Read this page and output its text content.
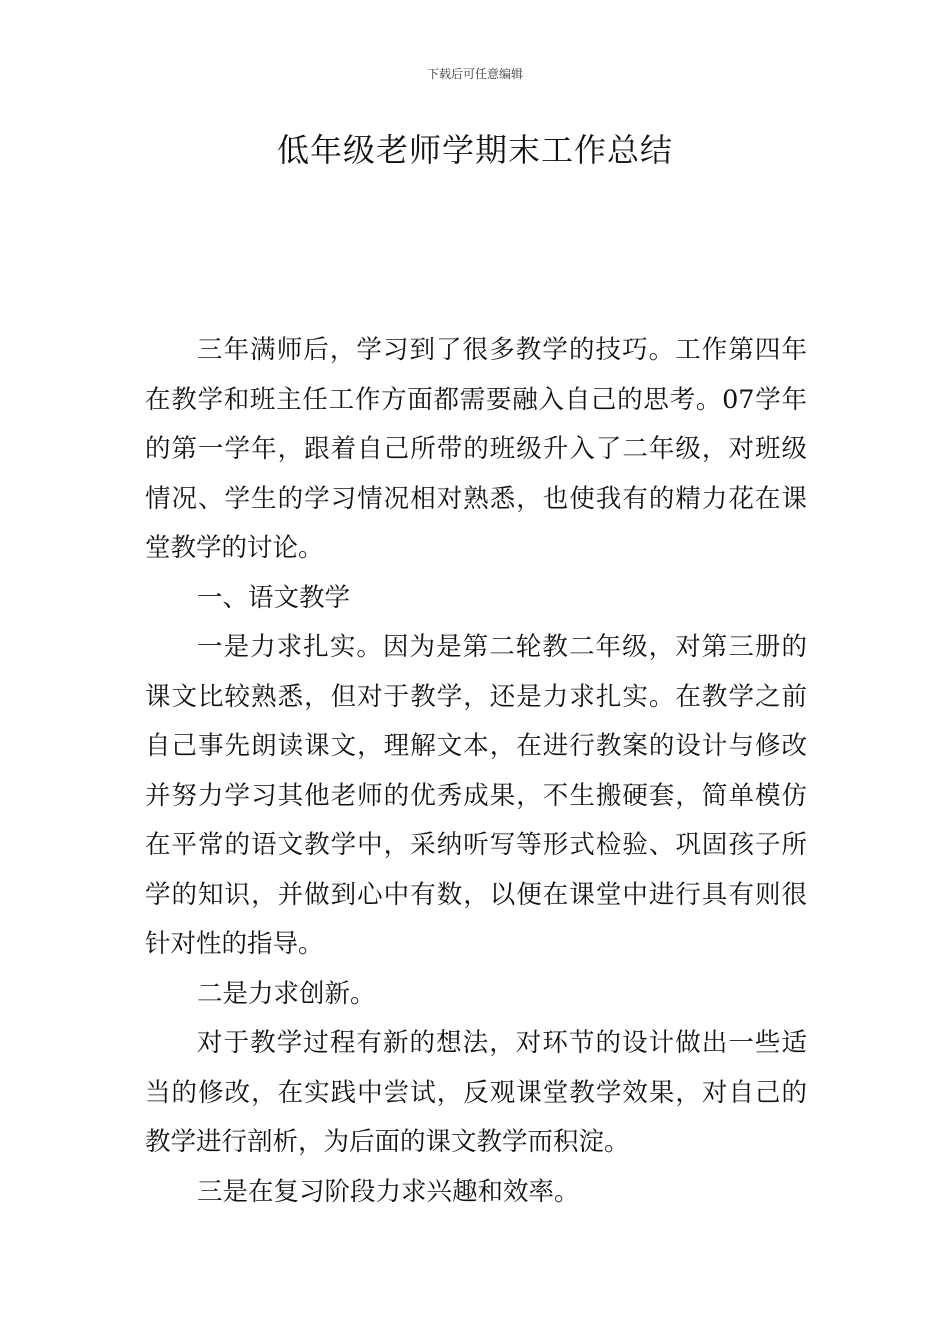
下载后可任意编辑
低年级老师学期末工作总结

三年满师后，学习到了很多教学的技巧。工作第四年在教学和班主任工作方面都需要融入自己的思考。07学年的第一学年，跟着自己所带的班级升入了二年级，对班级情况、学生的学习情况相对熟悉，也使我有的精力花在课堂教学的讨论。

一、语文教学

一是力求扎实。因为是第二轮教二年级，对第三册的课文比较熟悉，但对于教学，还是力求扎实。在教学之前自己事先朗读课文，理解文本，在进行教案的设计与修改并努力学习其他老师的优秀成果，不生搬硬套，简单模仿在平常的语文教学中，采纳听写等形式检验、巩固孩子所学的知识，并做到心中有数，以便在课堂中进行具有则很针对性的指导。

二是力求创新。

对于教学过程有新的想法，对环节的设计做出一些适当的修改，在实践中尝试，反观课堂教学效果，对自己的教学进行剖析，为后面的课文教学而积淀。

三是在复习阶段力求兴趣和效率。
